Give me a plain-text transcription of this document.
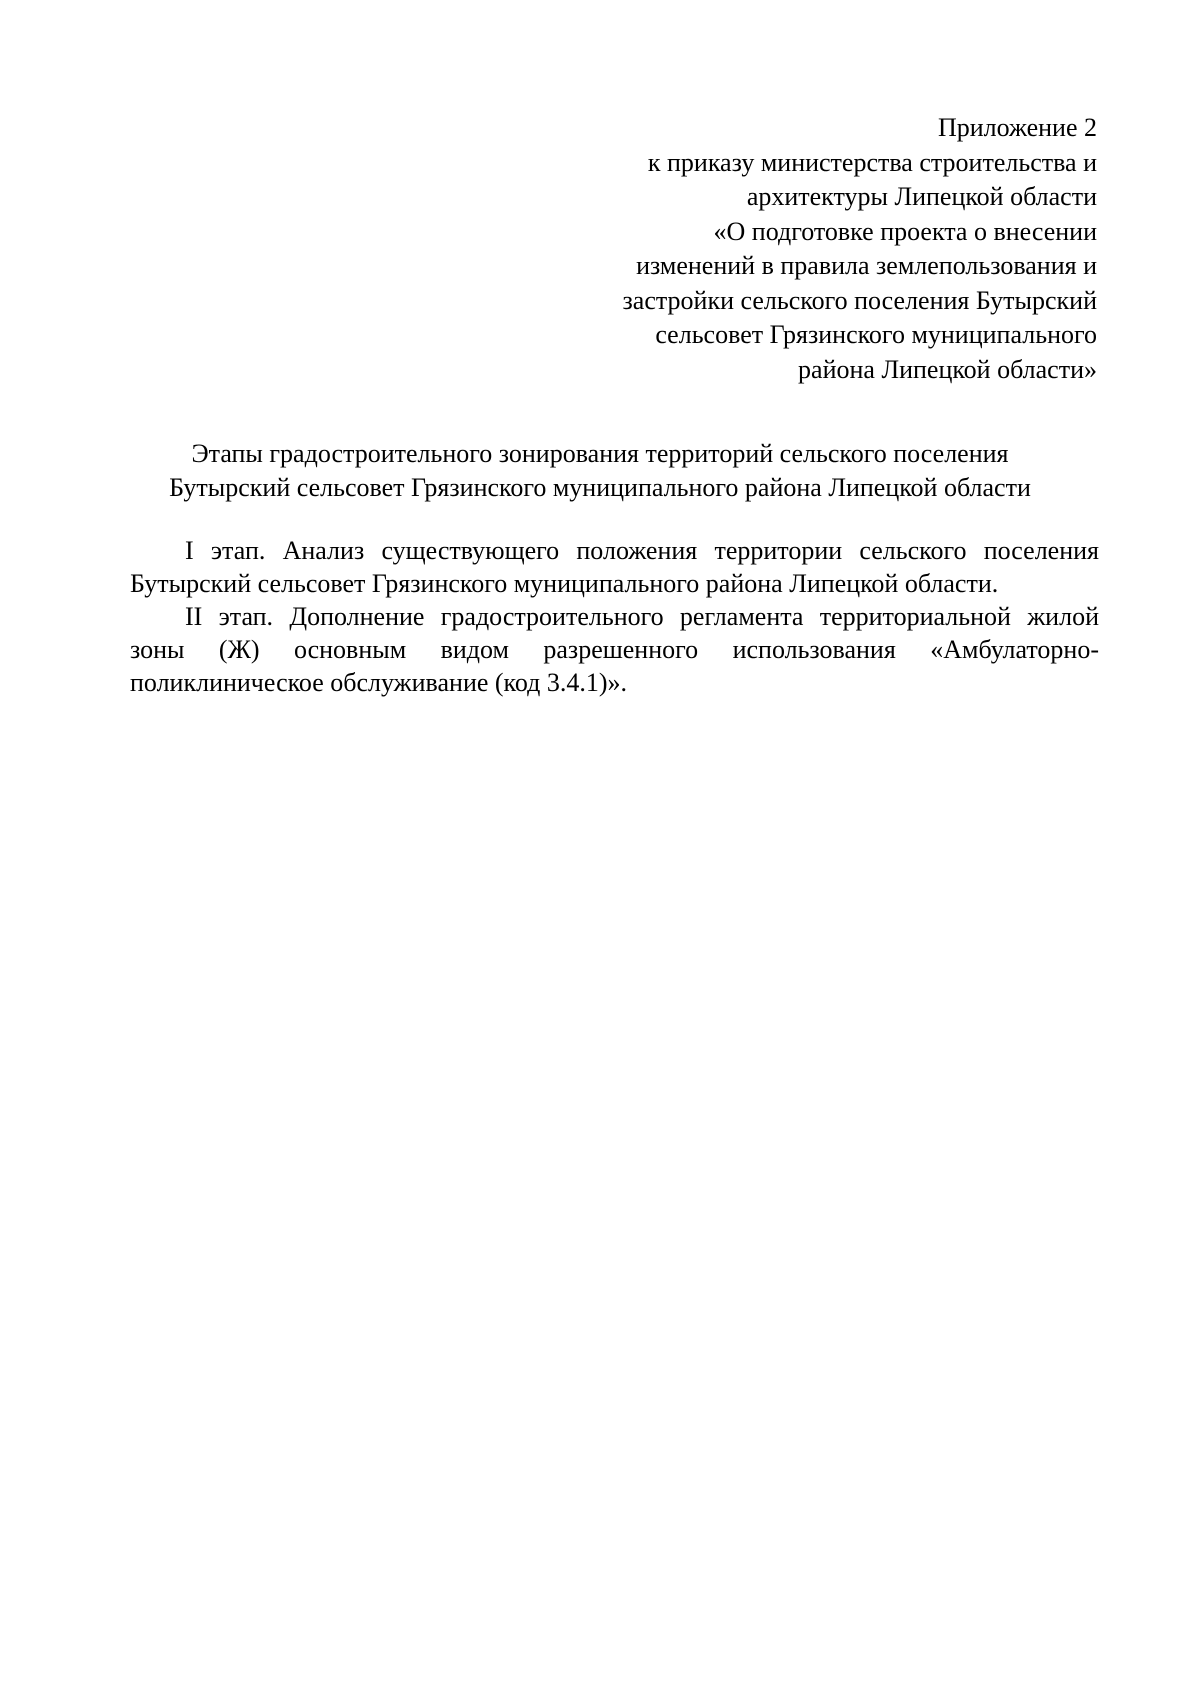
Приложение 2
к приказу министерства строительства и
архитектуры Липецкой области
«О подготовке проекта о внесении
изменений в правила землепользования и
застройки сельского поселения Бутырский
сельсовет Грязинского муниципального
района Липецкой области»
Этапы градостроительного зонирования территорий сельского поселения
Бутырский сельсовет Грязинского муниципального района Липецкой области

I этап. Анализ существующего положения территории сельского поселения Бутырский сельсовет Грязинского муниципального района Липецкой области.

II этап. Дополнение градостроительного регламента территориальной жилой зоны (Ж) основным видом разрешенного использования «Амбулаторно-поликлиническое обслуживание (код 3.4.1)».
